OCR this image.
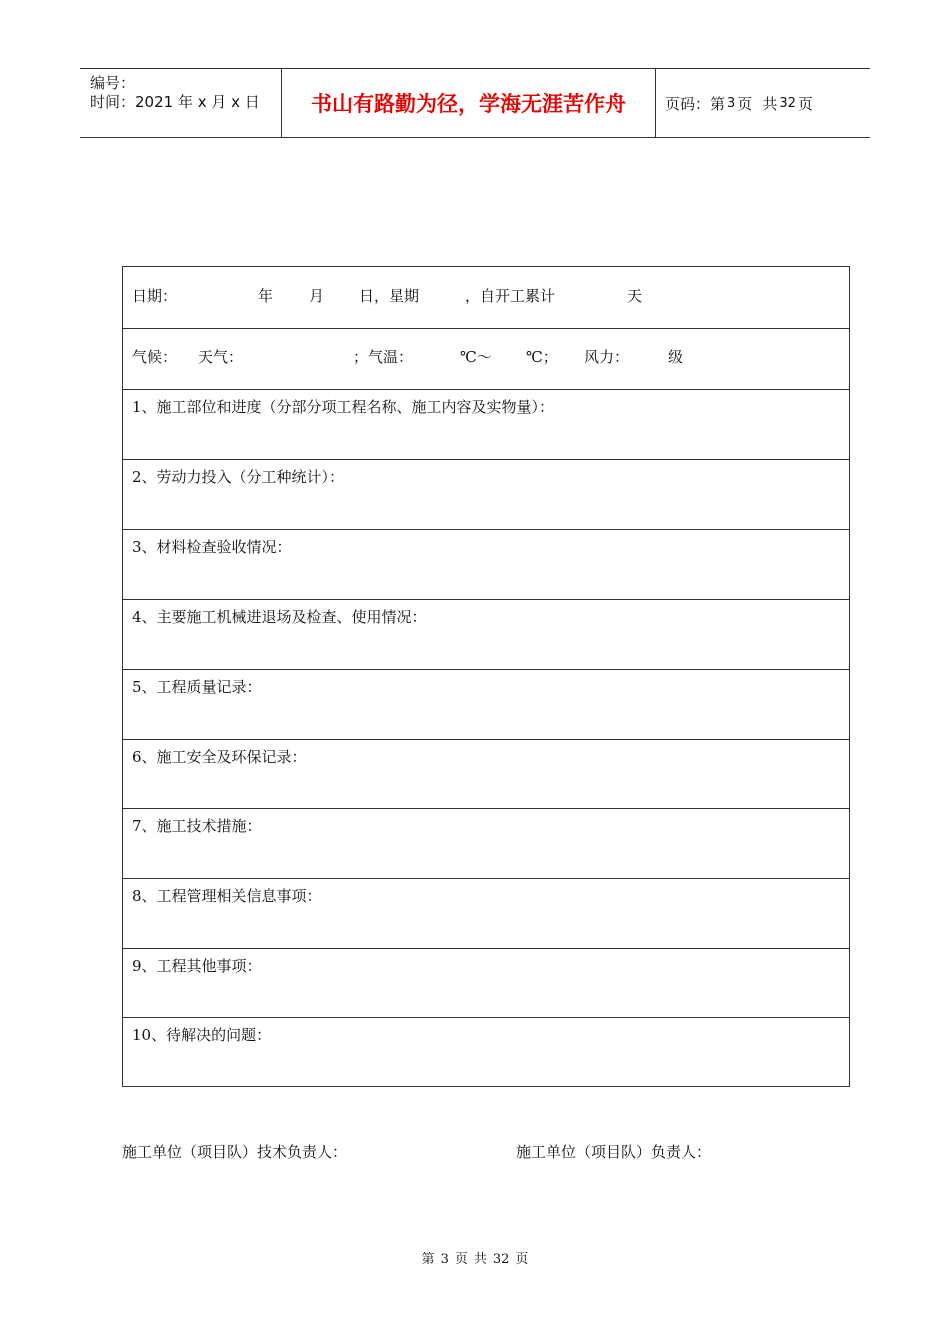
编号：
时间：2021 年 x 月 x 日	书山有路勤为径，学海无涯苦作舟	页码：第 3 页 共 32 页
日期：	年 月 日，星期	，自开工累计	天
气候： 天气：	；气温：	℃～ ℃； 风力：	级
1、施工部位和进度（分部分项工程名称、施工内容及实物量）：
2、劳动力投入（分工种统计）：
3、材料检查验收情况：
4、主要施工机械进退场及检查、使用情况：
5、工程质量记录：
6、施工安全及环保记录：
7、施工技术措施：
8、工程管理相关信息事项：
9、工程其他事项：
10、待解决的问题：
施工单位（项目队）技术负责人：	施工单位（项目队）负责人：
第 3 页 共 32 页
